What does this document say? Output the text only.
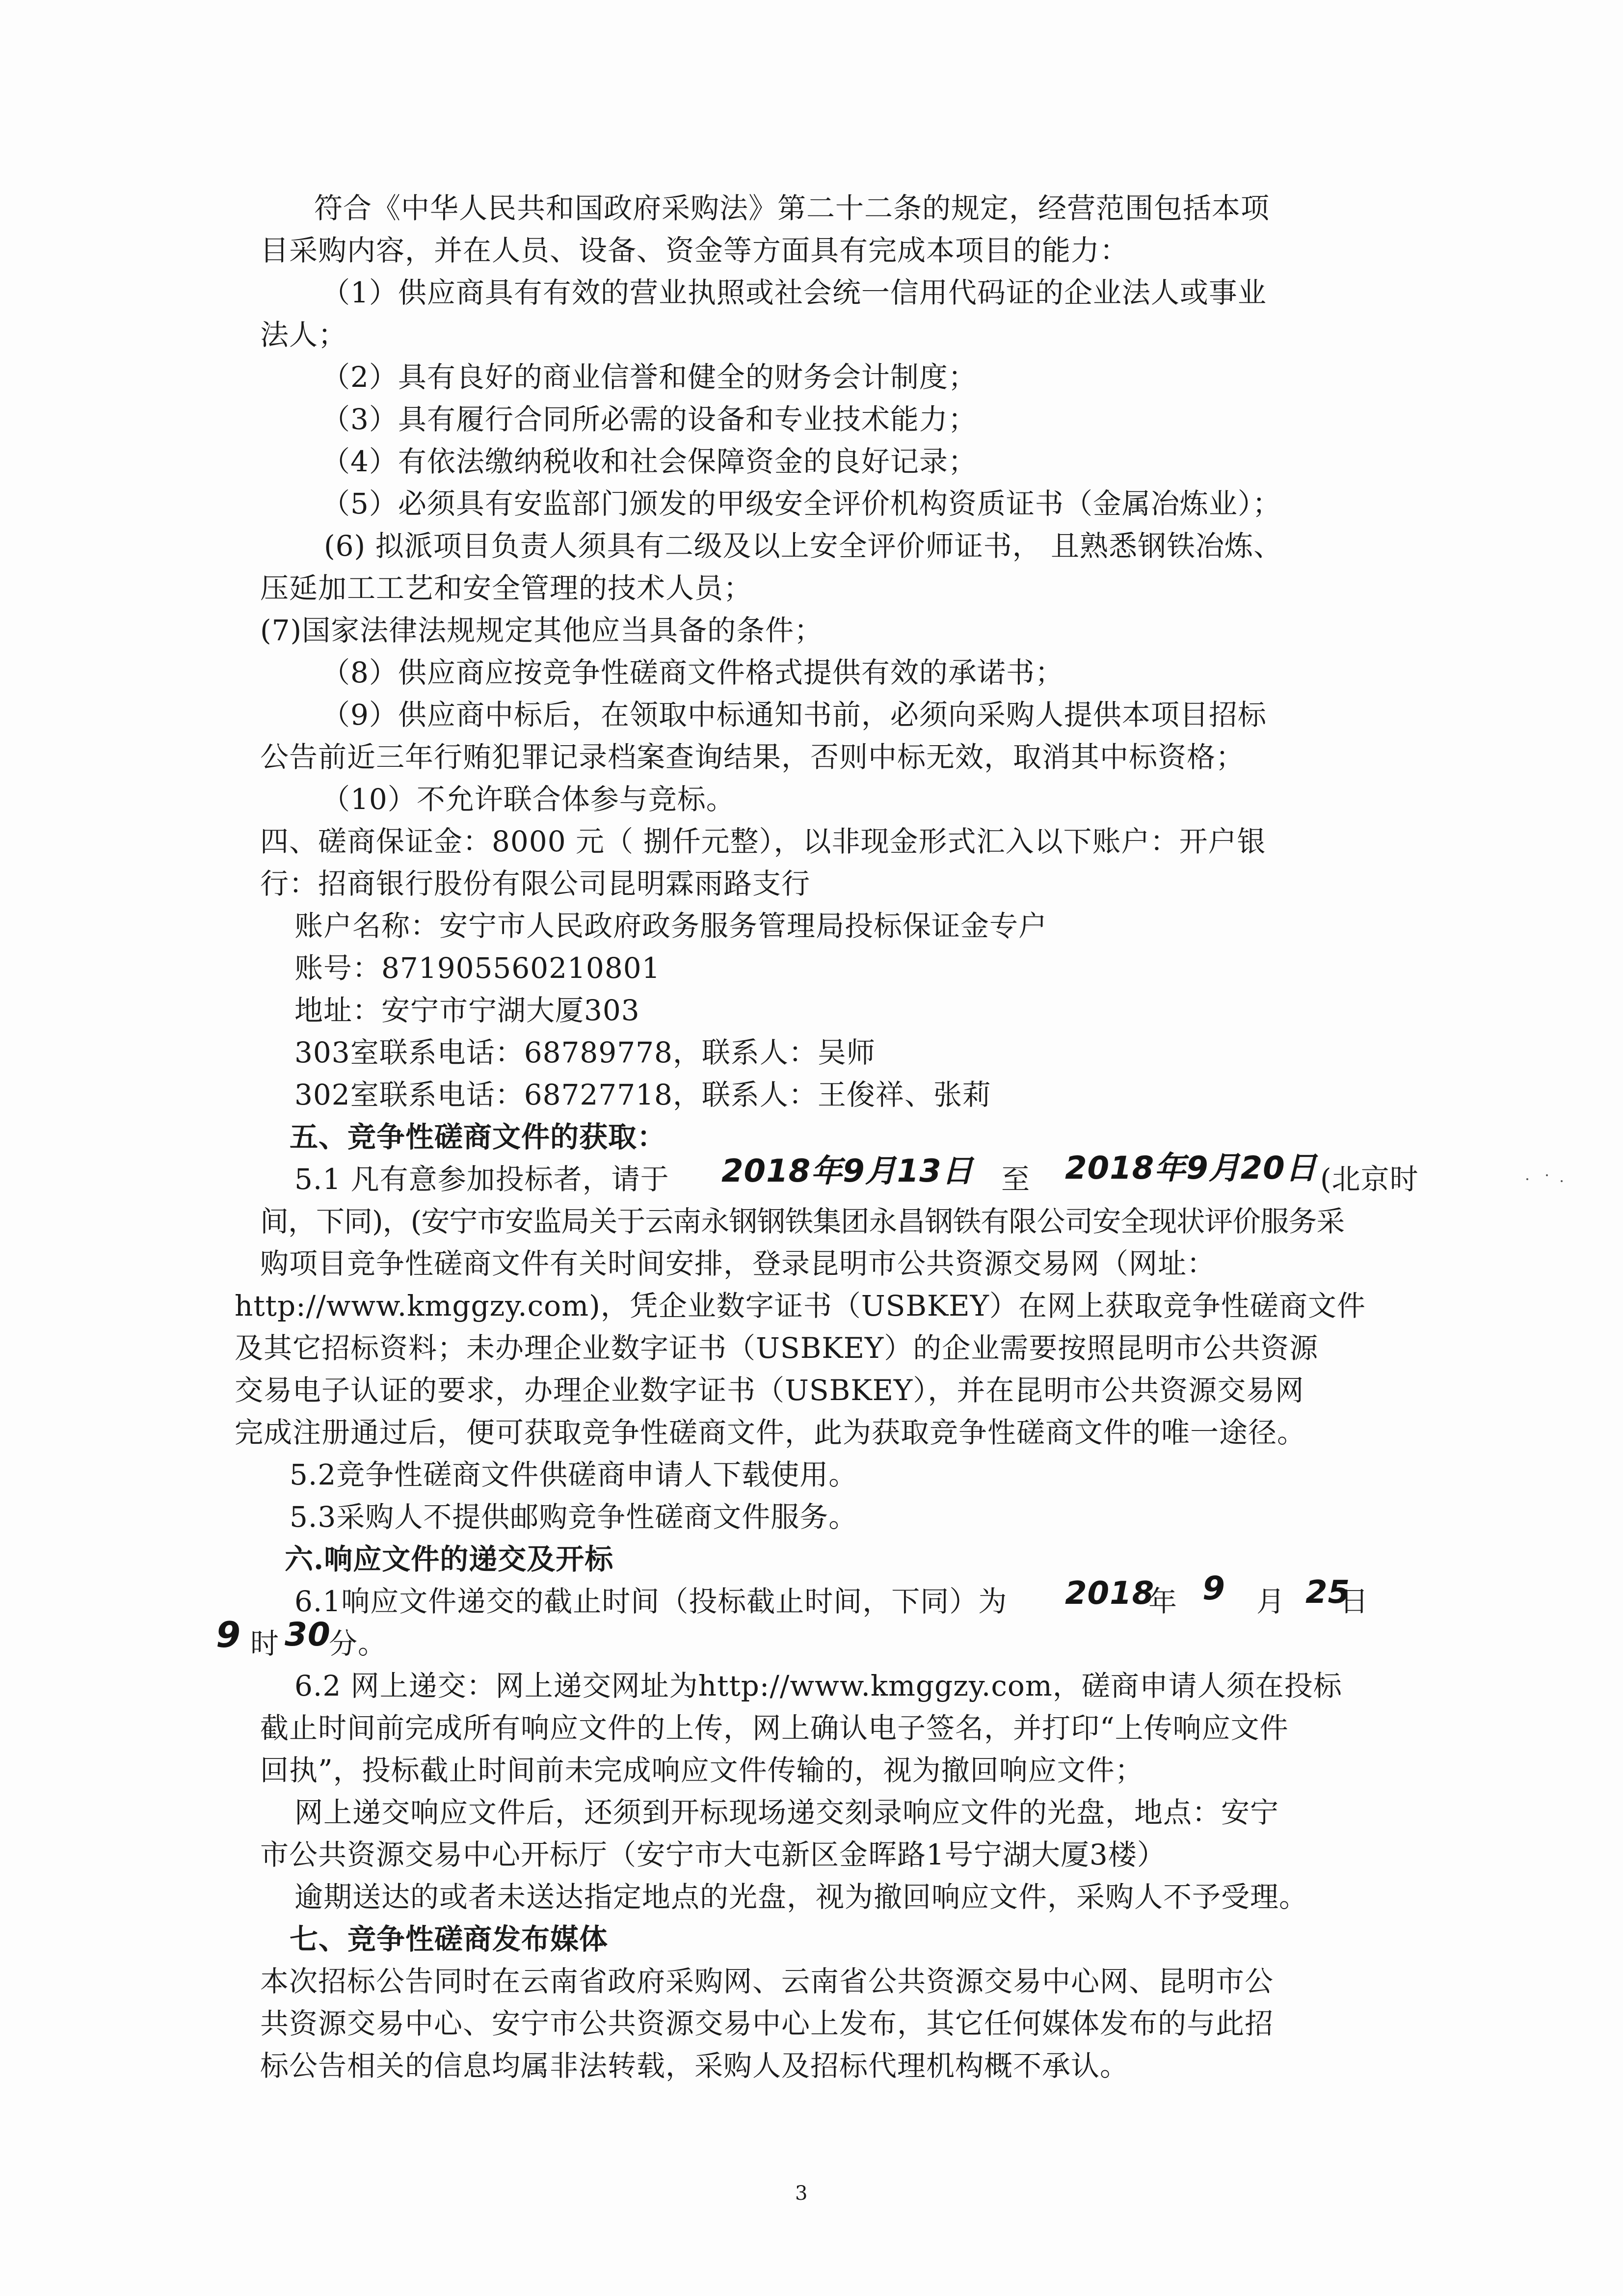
符合《中华人民共和国政府采购法》第二十二条的规定，经营范围包括本项
目采购内容，并在人员、设备、资金等方面具有完成本项目的能力：
（1）供应商具有有效的营业执照或社会统一信用代码证的企业法人或事业
法人；
（2）具有良好的商业信誉和健全的财务会计制度；
（3）具有履行合同所必需的设备和专业技术能力；
（4）有依法缴纳税收和社会保障资金的良好记录；
（5）必须具有安监部门颁发的甲级安全评价机构资质证书（金属冶炼业）；
(6) 拟派项目负责人须具有二级及以上安全评价师证书， 且熟悉钢铁冶炼、
压延加工工艺和安全管理的技术人员；
(7)国家法律法规规定其他应当具备的条件；
（8）供应商应按竞争性磋商文件格式提供有效的承诺书；
（9）供应商中标后，在领取中标通知书前，必须向采购人提供本项目招标
公告前近三年行贿犯罪记录档案查询结果，否则中标无效，取消其中标资格；
（10）不允许联合体参与竞标。
四、磋商保证金：8000 元（ 捌仟元整），以非现金形式汇入以下账户：开户银
行：招商银行股份有限公司昆明霖雨路支行
账户名称：安宁市人民政府政务服务管理局投标保证金专户
账号：871905560210801
地址：安宁市宁湖大厦303
303室联系电话：68789778，联系人：吴师
302室联系电话：68727718，联系人：王俊祥、张莉
五、竞争性磋商文件的获取：
5.1 凡有意参加投标者，请于 2018年9月13日 至 2018年9月20日 (北京时
间，下同)，(安宁市安监局关于云南永钢钢铁集团永昌钢铁有限公司安全现状评价服务采
购项目竞争性磋商文件有关时间安排，登录昆明市公共资源交易网（网址：
http://www.kmggzy.com)，凭企业数字证书（USBKEY）在网上获取竞争性磋商文件
及其它招标资料；未办理企业数字证书（USBKEY）的企业需要按照昆明市公共资源
交易电子认证的要求，办理企业数字证书（USBKEY），并在昆明市公共资源交易网
完成注册通过后，便可获取竞争性磋商文件，此为获取竞争性磋商文件的唯一途径。
5.2竞争性磋商文件供磋商申请人下载使用。
5.3采购人不提供邮购竞争性磋商文件服务。
六.响应文件的递交及开标
6.1响应文件递交的截止时间（投标截止时间，下同）为 2018
年 9 月 25
日
9 时 30
分。
6.2 网上递交：网上递交网址为http://www.kmggzy.com，磋商申请人须在投标
截止时间前完成所有响应文件的上传，网上确认电子签名，并打印“上传响应文件
回执”，投标截止时间前未完成响应文件传输的，视为撤回响应文件；
网上递交响应文件后，还须到开标现场递交刻录响应文件的光盘，地点：安宁
市公共资源交易中心开标厅（安宁市大屯新区金晖路1号宁湖大厦3楼）
逾期送达的或者未送达指定地点的光盘，视为撤回响应文件，采购人不予受理。
七、竞争性磋商发布媒体
本次招标公告同时在云南省政府采购网、云南省公共资源交易中心网、昆明市公
共资源交易中心、安宁市公共资源交易中心上发布，其它任何媒体发布的与此招
标公告相关的信息均属非法转载，采购人及招标代理机构概不承认。
3
